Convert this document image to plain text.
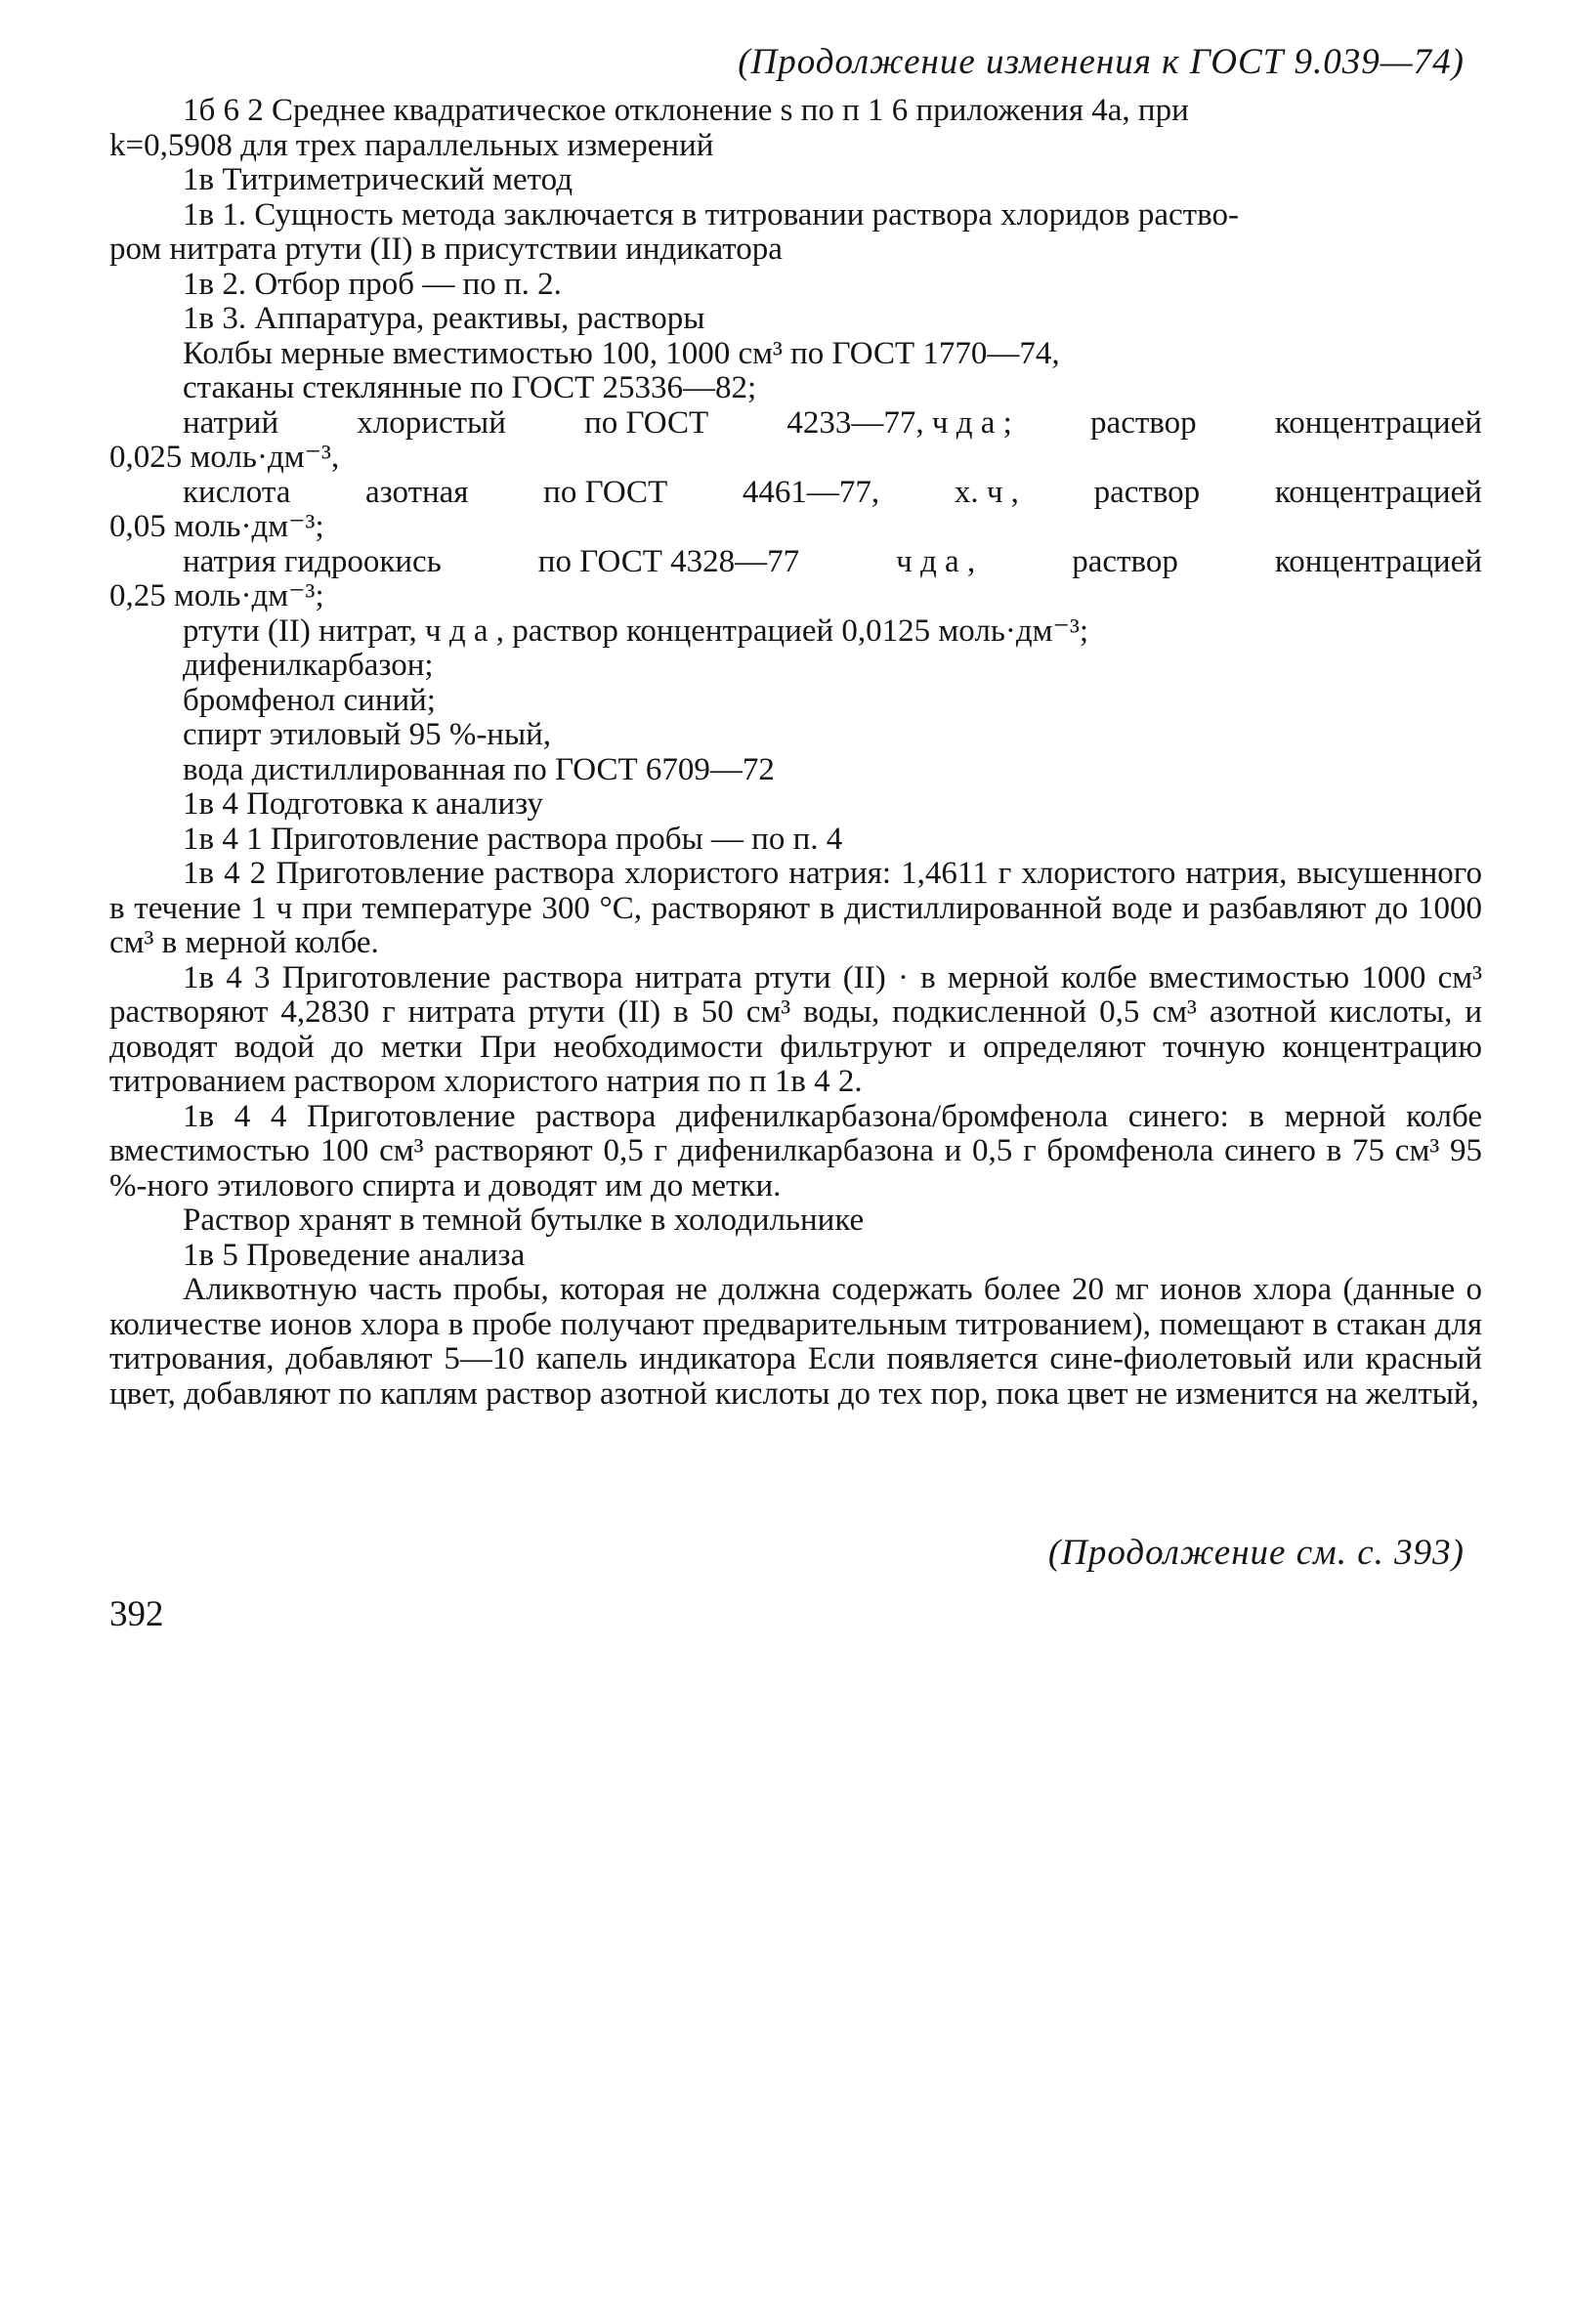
(Продолжение изменения к ГОСТ 9.039—74)

1б 6 2 Среднее квадратическое отклонение s по п 1 6 приложения 4а, при

k=0,5908 для трех параллельных измерений

1в Титриметрический метод

1в 1. Сущность метода заключается в титровании раствора хлоридов раство-

ром нитрата ртути (II) в присутствии индикатора

1в 2. Отбор проб — по п. 2.

1в 3. Аппаратура, реактивы, растворы

Колбы мерные вместимостью 100, 1000 см³ по ГОСТ 1770—74,

стаканы стеклянные по ГОСТ 25336—82;

натрий хлористый по ГОСТ 4233—77, ч д а ; раствор концентрацией

0,025 моль·дм⁻³,

кислота азотная по ГОСТ 4461—77, х. ч , раствор концентрацией

0,05 моль·дм⁻³;

натрия гидроокись	по ГОСТ 4328—77	ч д а ,	раствор	концентрацией

0,25 моль·дм⁻³;

ртути (II) нитрат, ч д а , раствор концентрацией 0,0125 моль·дм⁻³;

дифенилкарбазон;

бромфенол синий;

спирт этиловый 95 %-ный,

вода дистиллированная по ГОСТ 6709—72

1в 4 Подготовка к анализу

1в 4 1 Приготовление раствора пробы — по п. 4

1в 4 2 Приготовление раствора хлористого натрия: 1,4611 г хлористого натрия, высушенного в течение 1 ч при температуре 300 °С, растворяют в дистиллированной воде и разбавляют до 1000 см³ в мерной колбе.

1в 4 3 Приготовление раствора нитрата ртути (II) · в мерной колбе вместимостью 1000 см³ растворяют 4,2830 г нитрата ртути (II) в 50 см³ воды, подкисленной 0,5 см³ азотной кислоты, и доводят водой до метки При необходимости фильтруют и определяют точную концентрацию титрованием раствором хлористого натрия по п 1в 4 2.

1в 4 4 Приготовление раствора дифенилкарбазона/бромфенола синего: в мерной колбе вместимостью 100 см³ растворяют 0,5 г дифенилкарбазона и 0,5 г бромфенола синего в 75 см³ 95 %-ного этилового спирта и доводят им до метки.

Раствор хранят в темной бутылке в холодильнике

1в 5 Проведение анализа

Аликвотную часть пробы, которая не должна содержать более 20 мг ионов хлора (данные о количестве ионов хлора в пробе получают предварительным титрованием), помещают в стакан для титрования, добавляют 5—10 капель индикатора Если появляется сине-фиолетовый или красный цвет, добавляют по каплям раствор азотной кислоты до тех пор, пока цвет не изменится на желтый,

(Продолжение см. с. 393)
392
